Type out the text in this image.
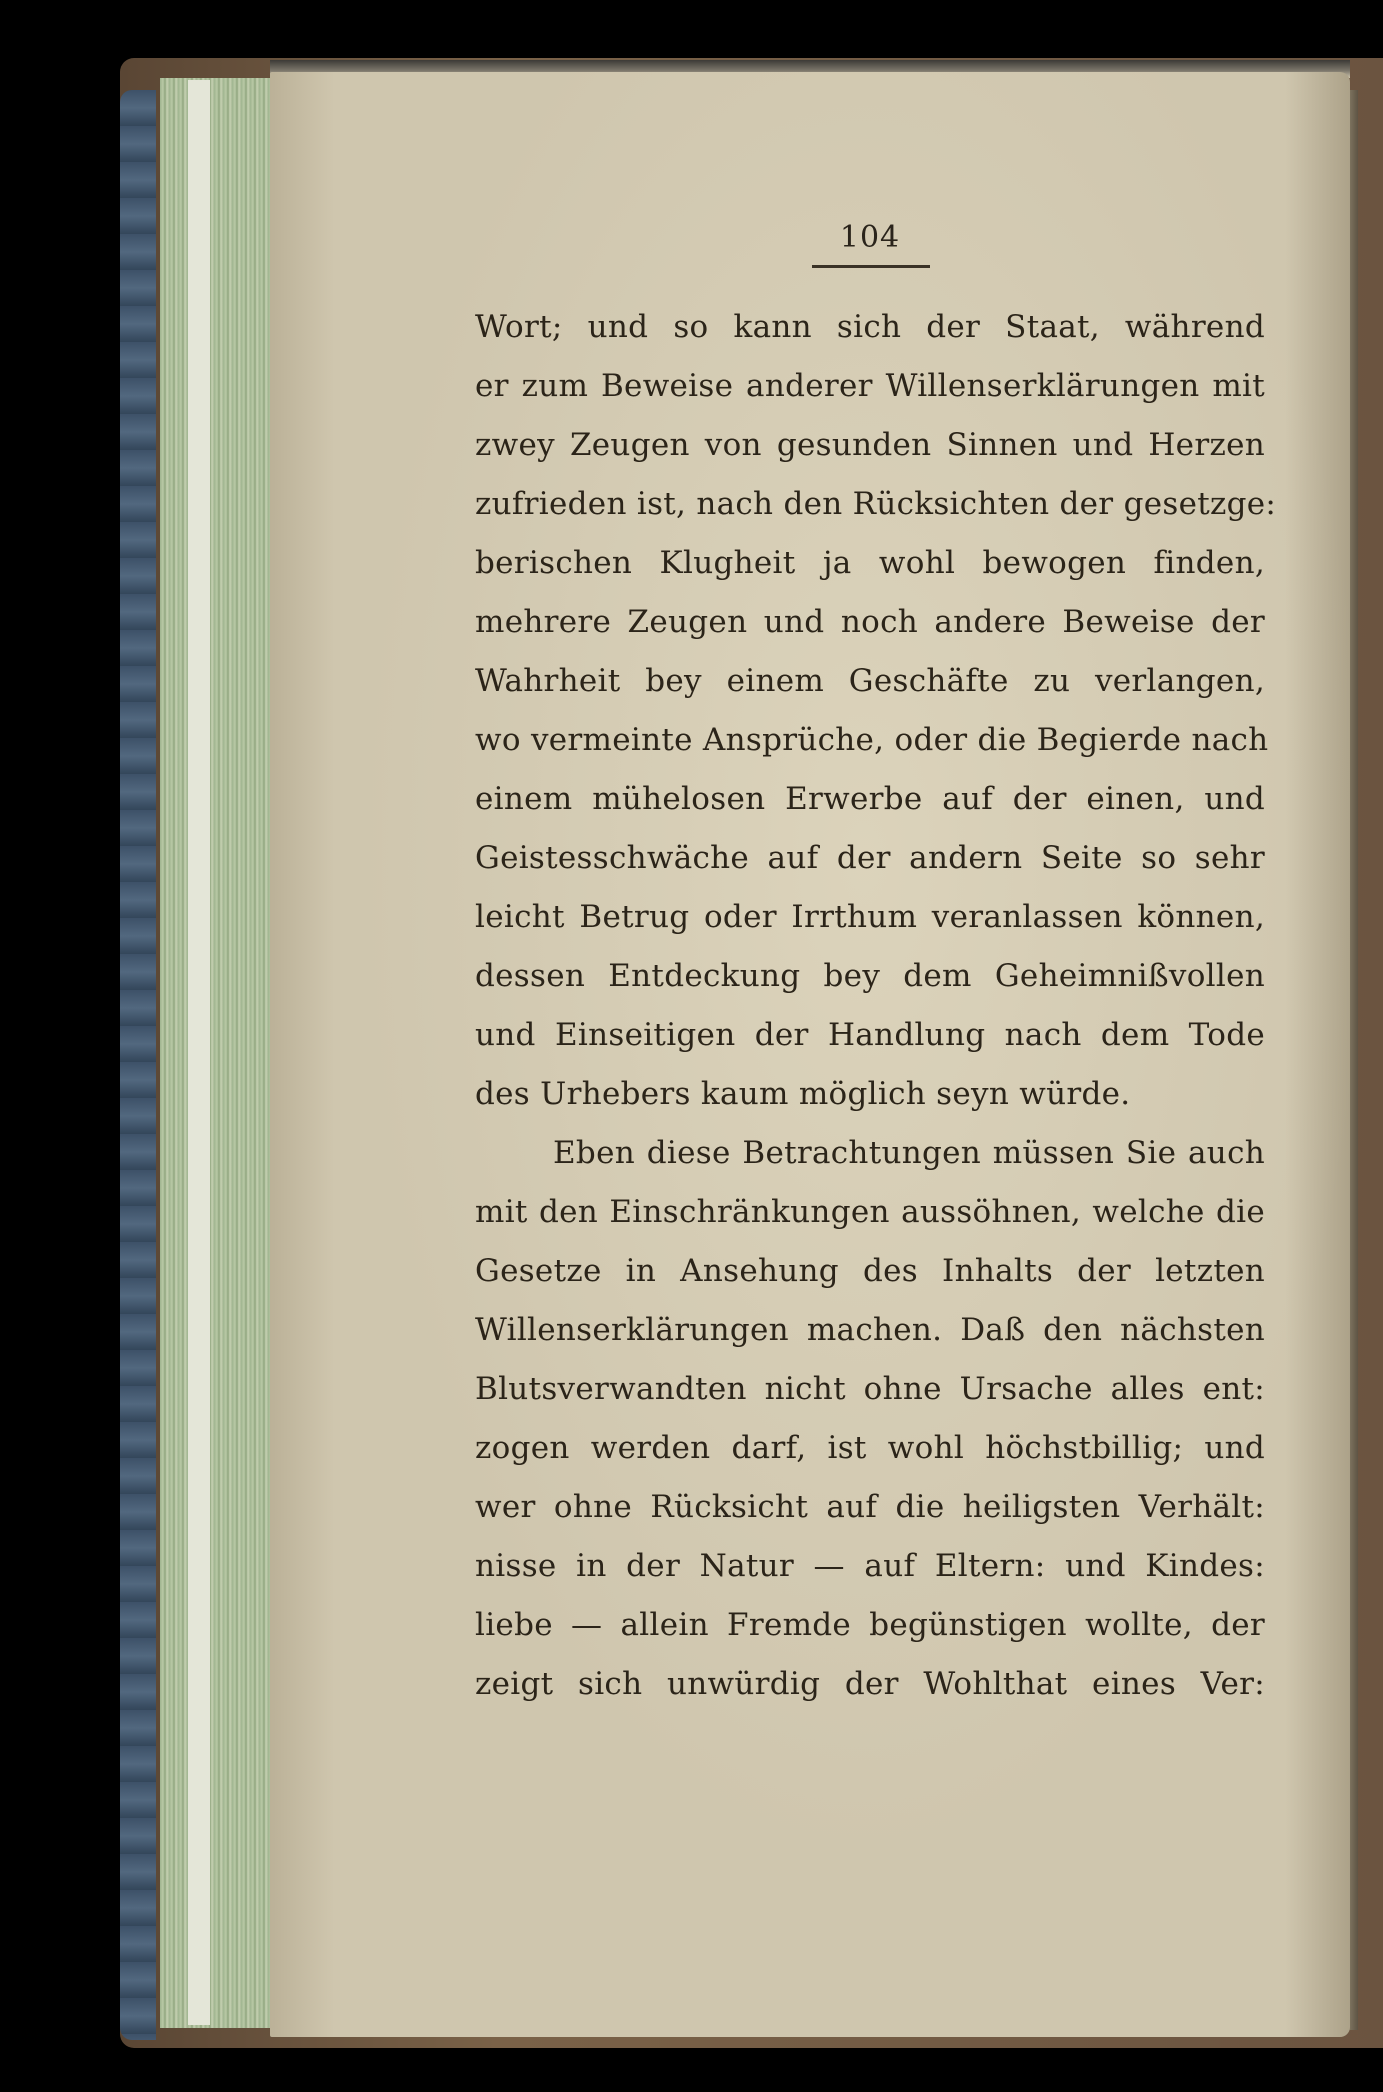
104
Wort; und so kann sich der Staat, während
er zum Beweise anderer Willenserklärungen mit
zwey Zeugen von gesunden Sinnen und Herzen
zufrieden ist, nach den Rücksichten der gesetzge:
berischen Klugheit ja wohl bewogen finden,
mehrere Zeugen und noch andere Beweise der
Wahrheit bey einem Geschäfte zu verlangen,
wo vermeinte Ansprüche, oder die Begierde nach
einem mühelosen Erwerbe auf der einen, und
Geistesschwäche auf der andern Seite so sehr
leicht Betrug oder Irrthum veranlassen können,
dessen Entdeckung bey dem Geheimnißvollen
und Einseitigen der Handlung nach dem Tode
des Urhebers kaum möglich seyn würde.
Eben diese Betrachtungen müssen Sie auch
mit den Einschränkungen aussöhnen, welche die
Gesetze in Ansehung des Inhalts der letzten
Willenserklärungen machen. Daß den nächsten
Blutsverwandten nicht ohne Ursache alles ent:
zogen werden darf, ist wohl höchstbillig; und
wer ohne Rücksicht auf die heiligsten Verhält:
nisse in der Natur — auf Eltern: und Kindes:
liebe — allein Fremde begünstigen wollte, der
zeigt sich unwürdig der Wohlthat eines Ver:
